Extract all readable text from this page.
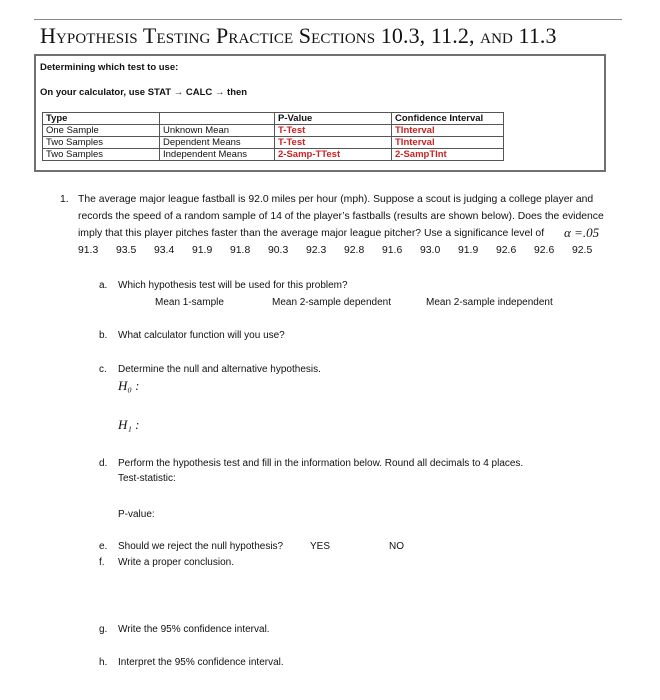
Hypothesis Testing Practice Sections 10.3, 11.2, and 11.3
Determining which test to use:
On your calculator, use STAT → CALC → then
Type		P-Value	Confidence Interval
One Sample	Unknown Mean	T-Test	TInterval
Two Samples	Dependent Means	T-Test	TInterval
Two Samples	Independent Means	2-Samp-TTest	2-SampTInt
1. The average major league fastball is 92.0 miles per hour (mph). Suppose a scout is judging a college player and
records the speed of a random sample of 14 of the player’s fastballs (results are shown below). Does the evidence
imply that this player pitches faster than the average major league pitcher? Use a significance level of α =.05
91.3 93.5 93.4 91.9 91.8 90.3 92.3 92.8 91.6 93.0 91.9 92.6 92.6 92.5
a. Which hypothesis test will be used for this problem?
Mean 1-sample	Mean 2-sample dependent	Mean 2-sample independent
b. What calculator function will you use?
c. Determine the null and alternative hypothesis.
H₀ :
H₁ :
d. Perform the hypothesis test and fill in the information below. Round all decimals to 4 places.
Test-statistic:
P-value:
e. Should we reject the null hypothesis?	YES	NO
f. Write a proper conclusion.
g. Write the 95% confidence interval.
h. Interpret the 95% confidence interval.
